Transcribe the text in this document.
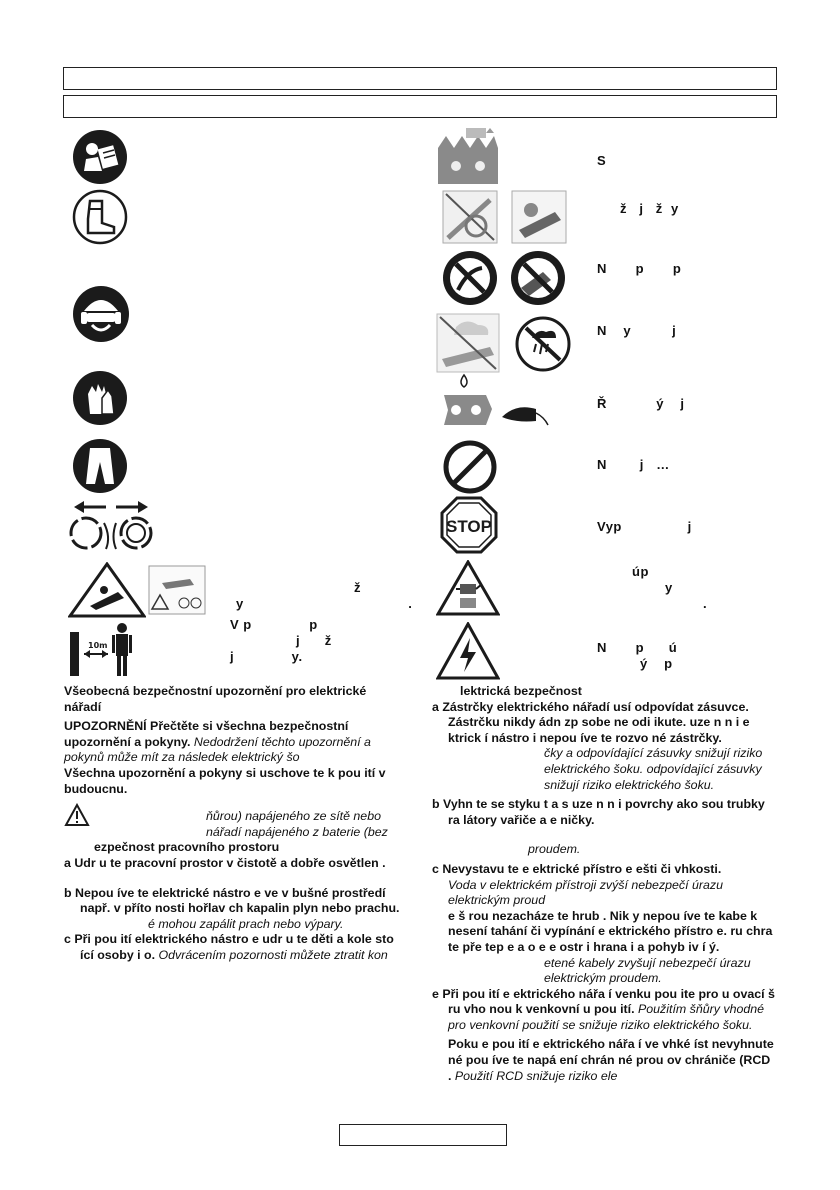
ž
y                                        .
10m
V p              p
j      ž
j              y.
S
ž   j   ž  y
N       p       p
N    y          j
Ř            ý    j
N        j   …
STOP	Vyp                j
úp
y
.
N       p      ú
ý    p

Všeobecná bezpečnostní upozornění pro elektrické nářadí

UPOZORNĚNÍ Přečtěte si všechna bezpečnostní upozornění a pokyny. Nedodržení těchto upozornění a pokynů může mít za následek elektrický šo

Všechna upozornění a pokyny si uschove te k pou ití v budoucnu.

ňůrou) napájeného ze sítě nebo nářadí napájeného z baterie (bez

ezpečnost pracovního prostoru

a Udr u te pracovní prostor v čistotě a dobře osvětlen .

b Nepou íve te elektrické nástro e ve v bušné prostředí např. v příto nosti hořlav ch kapalin plyn nebo prachu.

é mohou zapálit prach nebo výpary.

c Při pou ití elektrického nástro e udr u te děti a kole sto ící osoby i o. Odvrácením pozornosti můžete ztratit kon

lektrická bezpečnost

a Zástrčky elektrického nářadí usí odpovídat zásuvce. Zástrčku nikdy ádn zp sobe ne odi ikute. uze n n i e ktrick í nástro i nepou íve te rozvo né zástrčky.

čky a odpovídající zásuvky snižují riziko elektrického šoku. odpovídající zásuvky snižují riziko elektrického šoku.

b Vyhn te se styku t a s uze n n i povrchy ako sou trubky ra látory vařiče a e ničky.

proudem.

c Nevystavu te e ektrické přístro e ešti či vhkosti.

Voda v elektrickém přístroji zvýší nebezpečí úrazu elektrickým proud

e š rou nezacháze te hrub . Nik y nepou íve te kabe k nesení tahání či vypínání e ektrického přístro e. ru chra te pře tep e a o e e ostr i hrana i a pohyb iv í ý.

etené kabely zvyšují nebezpečí úrazu elektrickým proudem.

e Při pou ití e ektrického nářa í venku pou ite pro u ovací š ru vho nou k venkovní u pou ití. Použitím šňůry vhodné pro venkovní použití se snižuje riziko elektrického šoku.

Poku e pou ití e ektrického nářa í ve vhké íst nevyhnute né pou íve te napá ení chrán né prou ov chrániče (RCD . Použití RCD snižuje riziko ele
